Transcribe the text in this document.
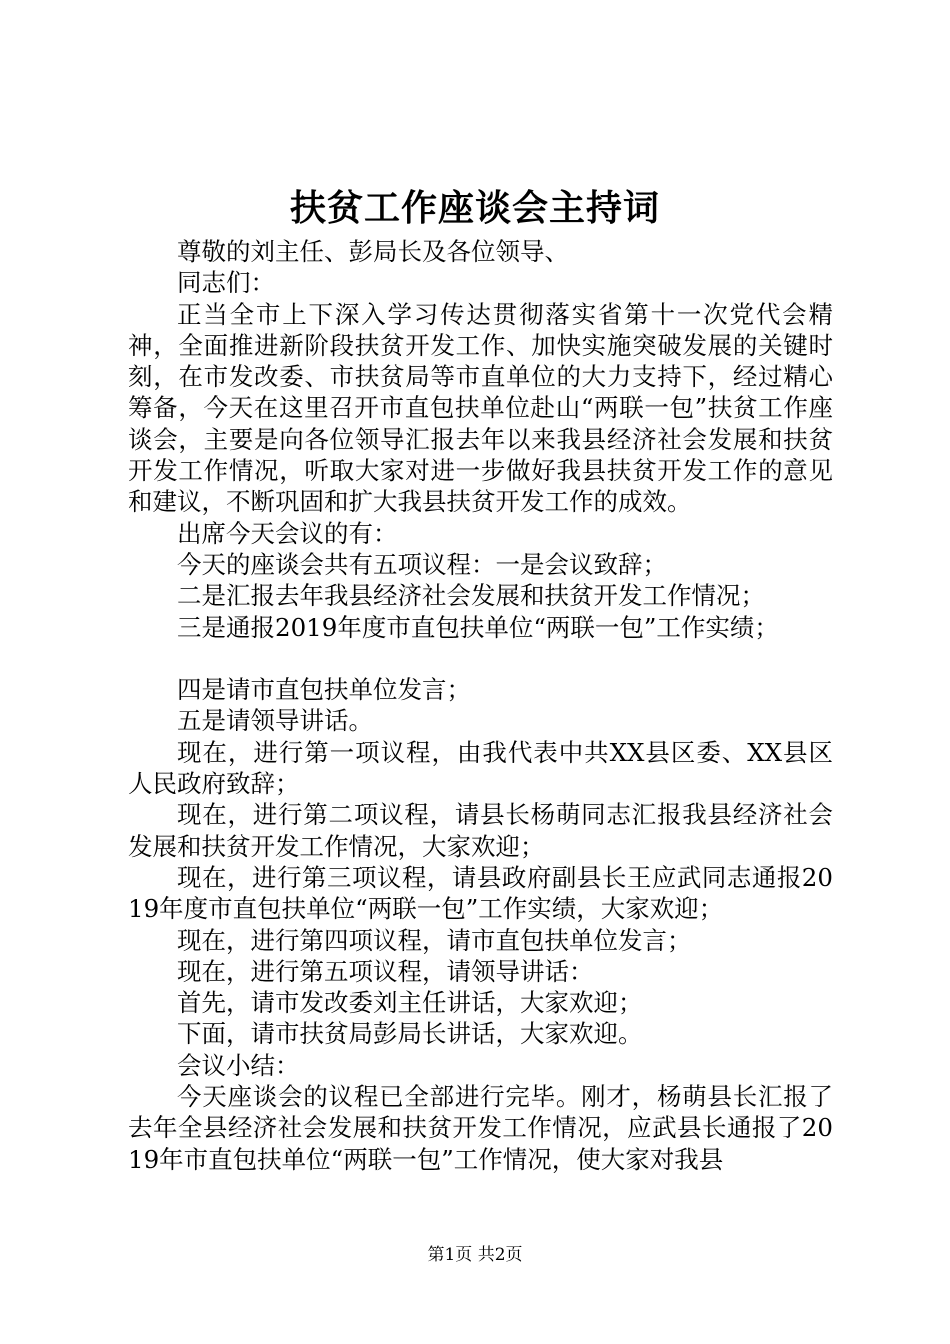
扶贫工作座谈会主持词

尊敬的刘主任、彭局长及各位领导、

同志们：

正当全市上下深入学习传达贯彻落实省第十一次党代会精神，全面推进新阶段扶贫开发工作、加快实施突破发展的关键时刻，在市发改委、市扶贫局等市直单位的大力支持下，经过精心筹备，今天在这里召开市直包扶单位赴山“两联一包”扶贫工作座谈会，主要是向各位领导汇报去年以来我县经济社会发展和扶贫开发工作情况，听取大家对进一步做好我县扶贫开发工作的意见和建议，不断巩固和扩大我县扶贫开发工作的成效。

出席今天会议的有：

今天的座谈会共有五项议程：一是会议致辞；

二是汇报去年我县经济社会发展和扶贫开发工作情况；

三是通报2019年度市直包扶单位“两联一包”工作实绩；

四是请市直包扶单位发言；

五是请领导讲话。

现在，进行第一项议程，由我代表中共XX县区委、XX县区人民政府致辞；

现在，进行第二项议程，请县长杨萌同志汇报我县经济社会发展和扶贫开发工作情况，大家欢迎；

现在，进行第三项议程，请县政府副县长王应武同志通报2019年度市直包扶单位“两联一包”工作实绩，大家欢迎；

现在，进行第四项议程，请市直包扶单位发言；

现在，进行第五项议程，请领导讲话：

首先，请市发改委刘主任讲话，大家欢迎；

下面，请市扶贫局彭局长讲话，大家欢迎。

会议小结：

今天座谈会的议程已全部进行完毕。刚才，杨萌县长汇报了去年全县经济社会发展和扶贫开发工作情况，应武县长通报了2019年市直包扶单位“两联一包”工作情况，使大家对我县

第1页 共2页
